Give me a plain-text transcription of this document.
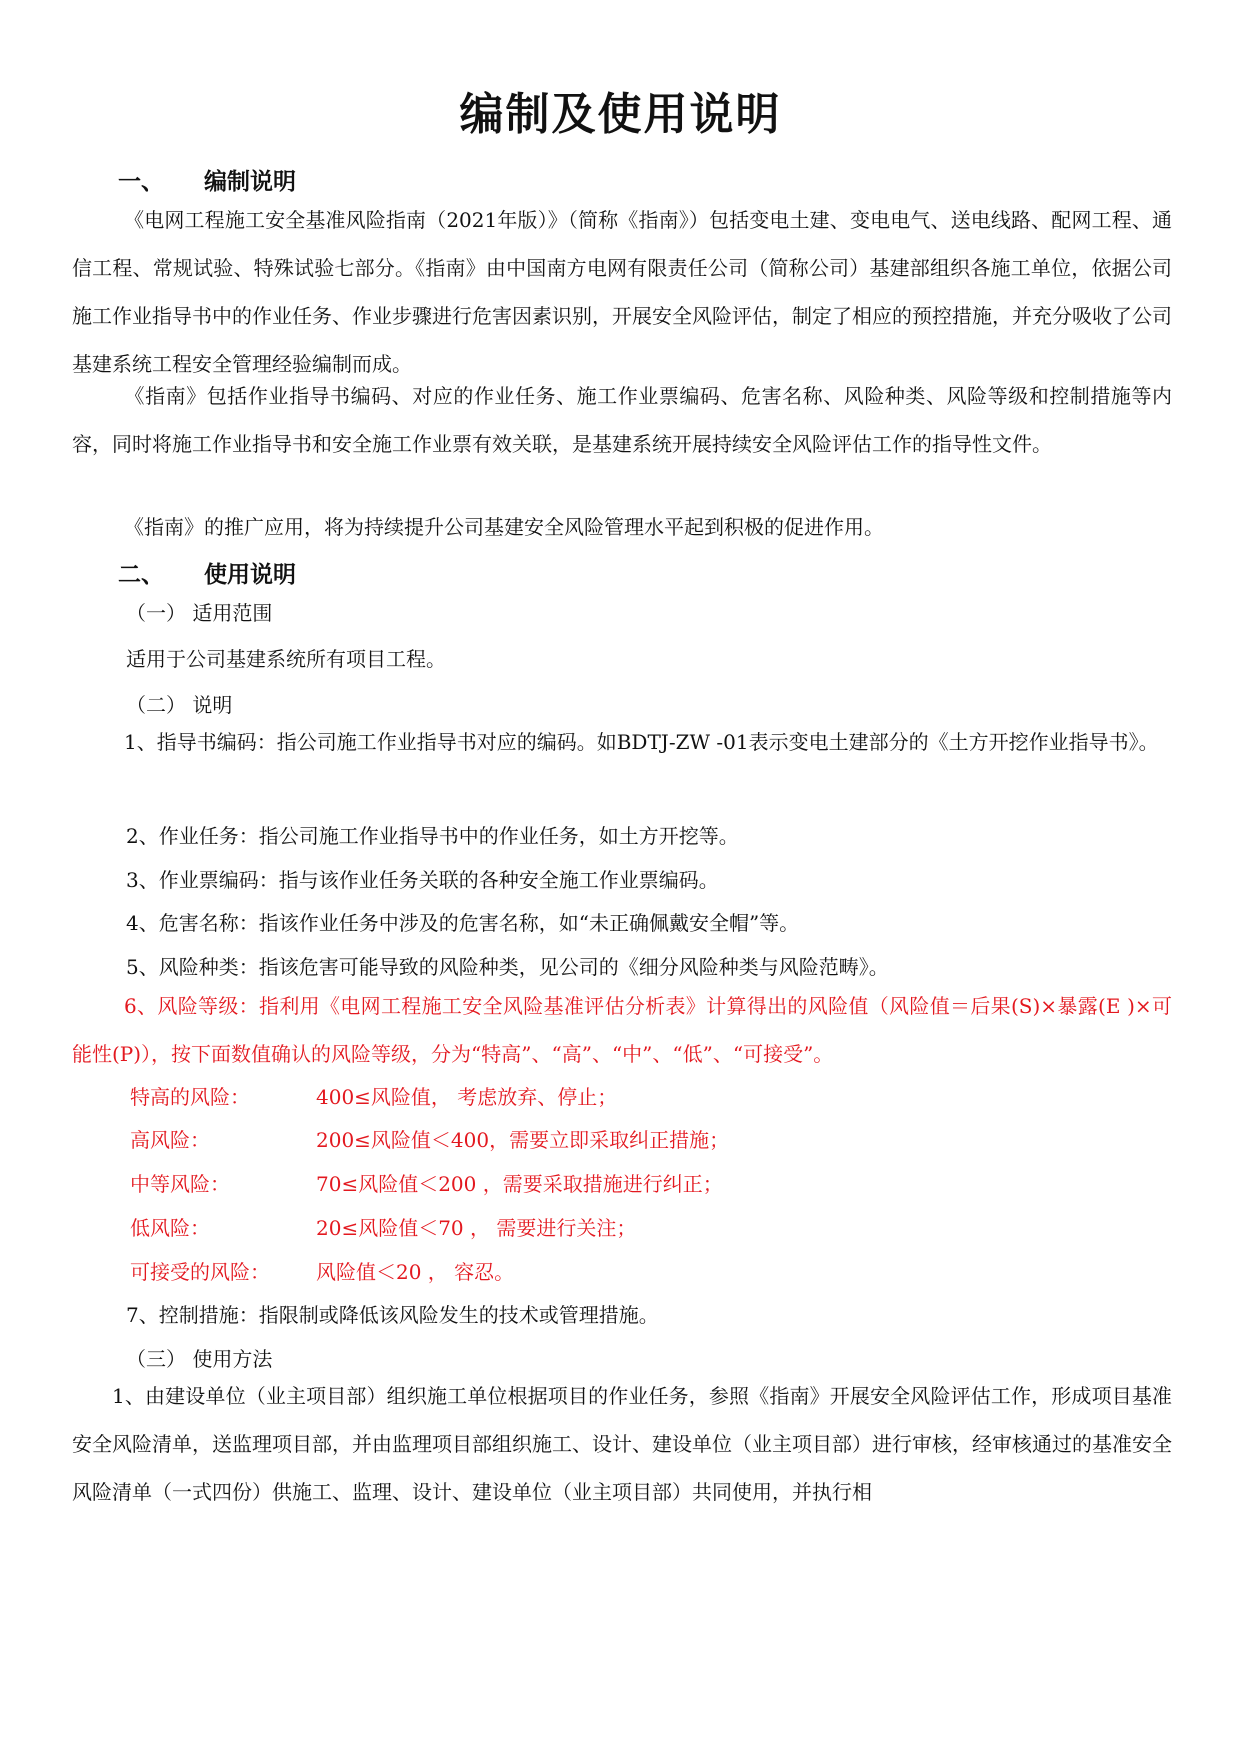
编制及使用说明
一、 编制说明

《电网工程施工安全基准风险指南（2021年版）》（简称《指南》）包括变电土建、变电电气、送电线路、配网工程、通信工程、常规试验、特殊试验七部分。《指南》由中国南方电网有限责任公司（简称公司）基建部组织各施工单位，依据公司施工作业指导书中的作业任务、作业步骤进行危害因素识别，开展安全风险评估，制定了相应的预控措施，并充分吸收了公司基建系统工程安全管理经验编制而成。

《指南》包括作业指导书编码、对应的作业任务、施工作业票编码、危害名称、风险种类、风险等级和控制措施等内容，同时将施工作业指导书和安全施工作业票有效关联，是基建系统开展持续安全风险评估工作的指导性文件。

《指南》的推广应用，将为持续提升公司基建安全风险管理水平起到积极的促进作用。

二、 使用说明

（一） 适用范围

适用于公司基建系统所有项目工程。

（二） 说明

1、指导书编码：指公司施工作业指导书对应的编码。如BDTJ-ZW -01表示变电土建部分的《土方开挖作业指导书》。

2、作业任务：指公司施工作业指导书中的作业任务，如土方开挖等。

3、作业票编码：指与该作业任务关联的各种安全施工作业票编码。

4、危害名称：指该作业任务中涉及的危害名称，如“未正确佩戴安全帽”等。

5、风险种类：指该危害可能导致的风险种类，见公司的《细分风险种类与风险范畴》。

6、风险等级：指利用《电网工程施工安全风险基准评估分析表》计算得出的风险值（风险值＝后果(S)×暴露(E )×可能性(P)），按下面数值确认的风险等级，分为“特高”、“高”、“中”、“低”、“可接受”。

特高的风险：	400≤风险值， 考虑放弃、停止；
高风险：	200≤风险值＜400，需要立即采取纠正措施；
中等风险：	70≤风险值＜200 ，需要采取措施进行纠正；
低风险：	20≤风险值＜70 ， 需要进行关注；
可接受的风险： 风险值＜20 ， 容忍。

7、控制措施：指限制或降低该风险发生的技术或管理措施。

（三） 使用方法

1、由建设单位（业主项目部）组织施工单位根据项目的作业任务，参照《指南》开展安全风险评估工作，形成项目基准安全风险清单，送监理项目部，并由监理项目部组织施工、设计、建设单位（业主项目部）进行审核，经审核通过的基准安全风险清单（一式四份）供施工、监理、设计、建设单位（业主项目部）共同使用，并执行相
